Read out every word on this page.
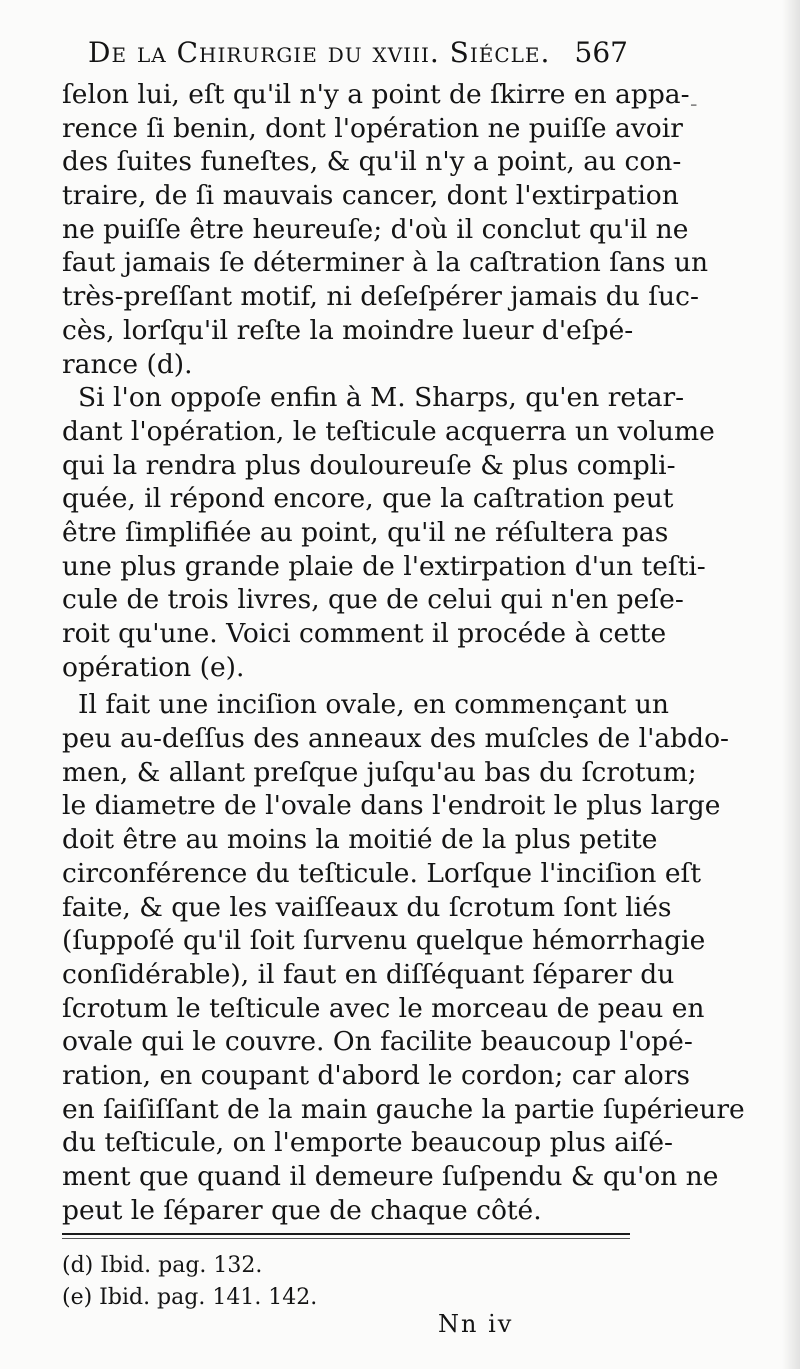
De la Chirurgie du xviii. Siécle. 567
ſelon lui, eſt qu'il n'y a point de ſkirre en appa-
rence ſi benin, dont l'opération ne puiſſe avoir
des ſuites funeſtes, & qu'il n'y a point, au con-
traire, de ſi mauvais cancer, dont l'extirpation
ne puiſſe être heureuſe; d'où il conclut qu'il ne
faut jamais ſe déterminer à la caſtration ſans un
très-preſſant motif, ni deſeſpérer jamais du ſuc-
cès, lorſqu'il reſte la moindre lueur d'eſpé-
rance (d).
Si l'on oppoſe enfin à M. Sharps, qu'en retar-
dant l'opération, le teſticule acquerra un volume
qui la rendra plus douloureuſe & plus compli-
quée, il répond encore, que la caſtration peut
être ſimplifiée au point, qu'il ne réſultera pas
une plus grande plaie de l'extirpation d'un teſti-
cule de trois livres, que de celui qui n'en peſe-
roit qu'une. Voici comment il procéde à cette
opération (e).
Il fait une inciſion ovale, en commençant un
peu au-deſſus des anneaux des muſcles de l'abdo-
men, & allant preſque juſqu'au bas du ſcrotum;
le diametre de l'ovale dans l'endroit le plus large
doit être au moins la moitié de la plus petite
circonférence du teſticule. Lorſque l'inciſion eſt
faite, & que les vaiſſeaux du ſcrotum ſont liés
(ſuppoſé qu'il ſoit ſurvenu quelque hémorrhagie
conſidérable), il faut en diſſéquant ſéparer du
ſcrotum le teſticule avec le morceau de peau en
ovale qui le couvre. On facilite beaucoup l'opé-
ration, en coupant d'abord le cordon; car alors
en ſaiſiſſant de la main gauche la partie ſupérieure
du teſticule, on l'emporte beaucoup plus aiſé-
ment que quand il demeure ſuſpendu & qu'on ne
peut le ſéparer que de chaque côté.
(d) Ibid. pag. 132.
(e) Ibid. pag. 141. 142.
Nn iv
-
